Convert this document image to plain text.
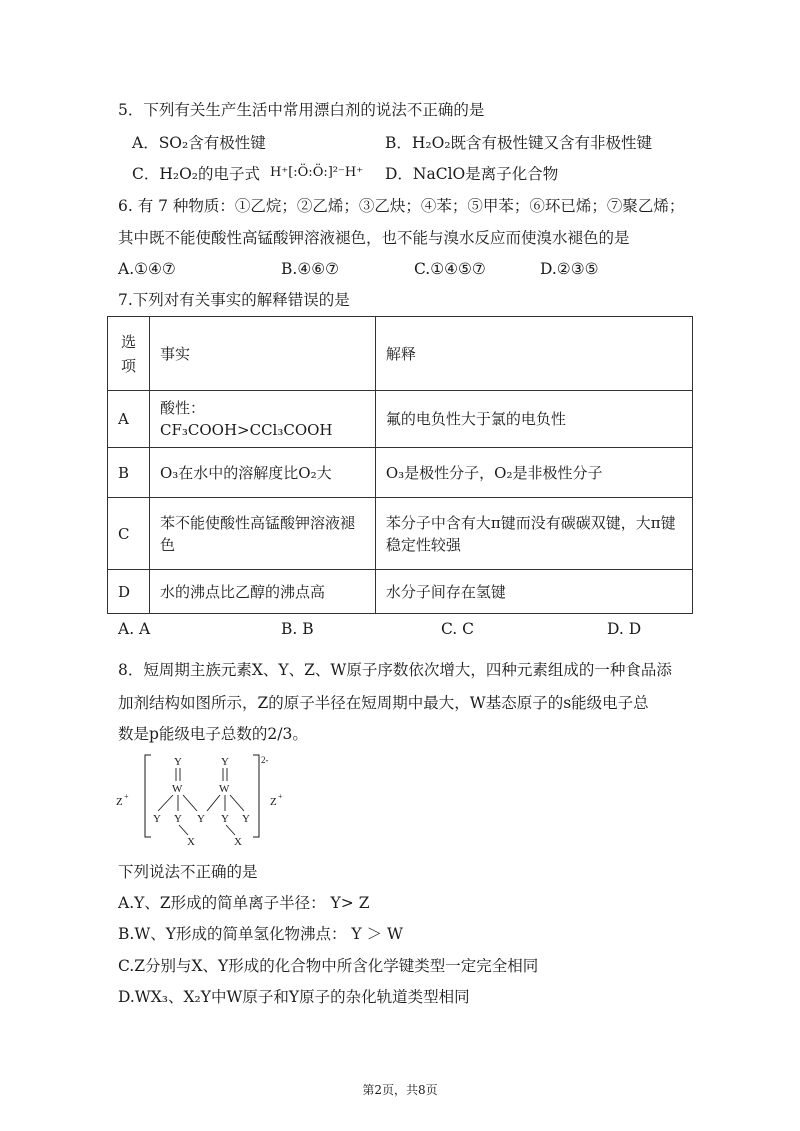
5．下列有关生产生活中常用漂白剂的说法不正确的是
A．SO₂含有极性键	B．H₂O₂既含有极性键又含有非极性键
C．H₂O₂的电子式 H⁺[:Ö:Ö:]²⁻H⁺ D．NaClO是离子化合物
6. 有 7 种物质：①乙烷；②乙烯；③乙炔；④苯；⑤甲苯；⑥环已烯；⑦聚乙烯；
其中既不能使酸性高锰酸钾溶液褪色，也不能与溴水反应而使溴水褪色的是
A.①④⑦	B.④⑥⑦	C.①④⑤⑦	D.②③⑤
7.下列对有关事实的解释错误的是
选项	事实	解释
A	酸性：CF₃COOH>CCl₃COOH	氟的电负性大于氯的电负性
B	O₃在水中的溶解度比O₂大	O₃是极性分子，O₂是非极性分子
C	苯不能使酸性高锰酸钾溶液褪色	苯分子中含有大π键而没有碳碳双键，大π键稳定性较强
D	水的沸点比乙醇的沸点高	水分子间存在氢键
A. A	B. B	C. C	D. D
8．短周期主族元素X、Y、Z、W原子序数依次增大，四种元素组成的一种食品添
加剂结构如图所示，Z的原子半径在短周期中最大，W基态原子的s能级电子总
数是p能级电子总数的2/3。
Z +
2-
Z +
Y	Y
W	W
Y Y Y Y Y
X	X
下列说法不正确的是
A.Y、Z形成的简单离子半径： Y> Z
B.W、Y形成的简单氢化物沸点： Y ＞ W
C.Z分别与X、Y形成的化合物中所含化学键类型一定完全相同
D.WX₃、X₂Y中W原子和Y原子的杂化轨道类型相同
第2页，共8页
